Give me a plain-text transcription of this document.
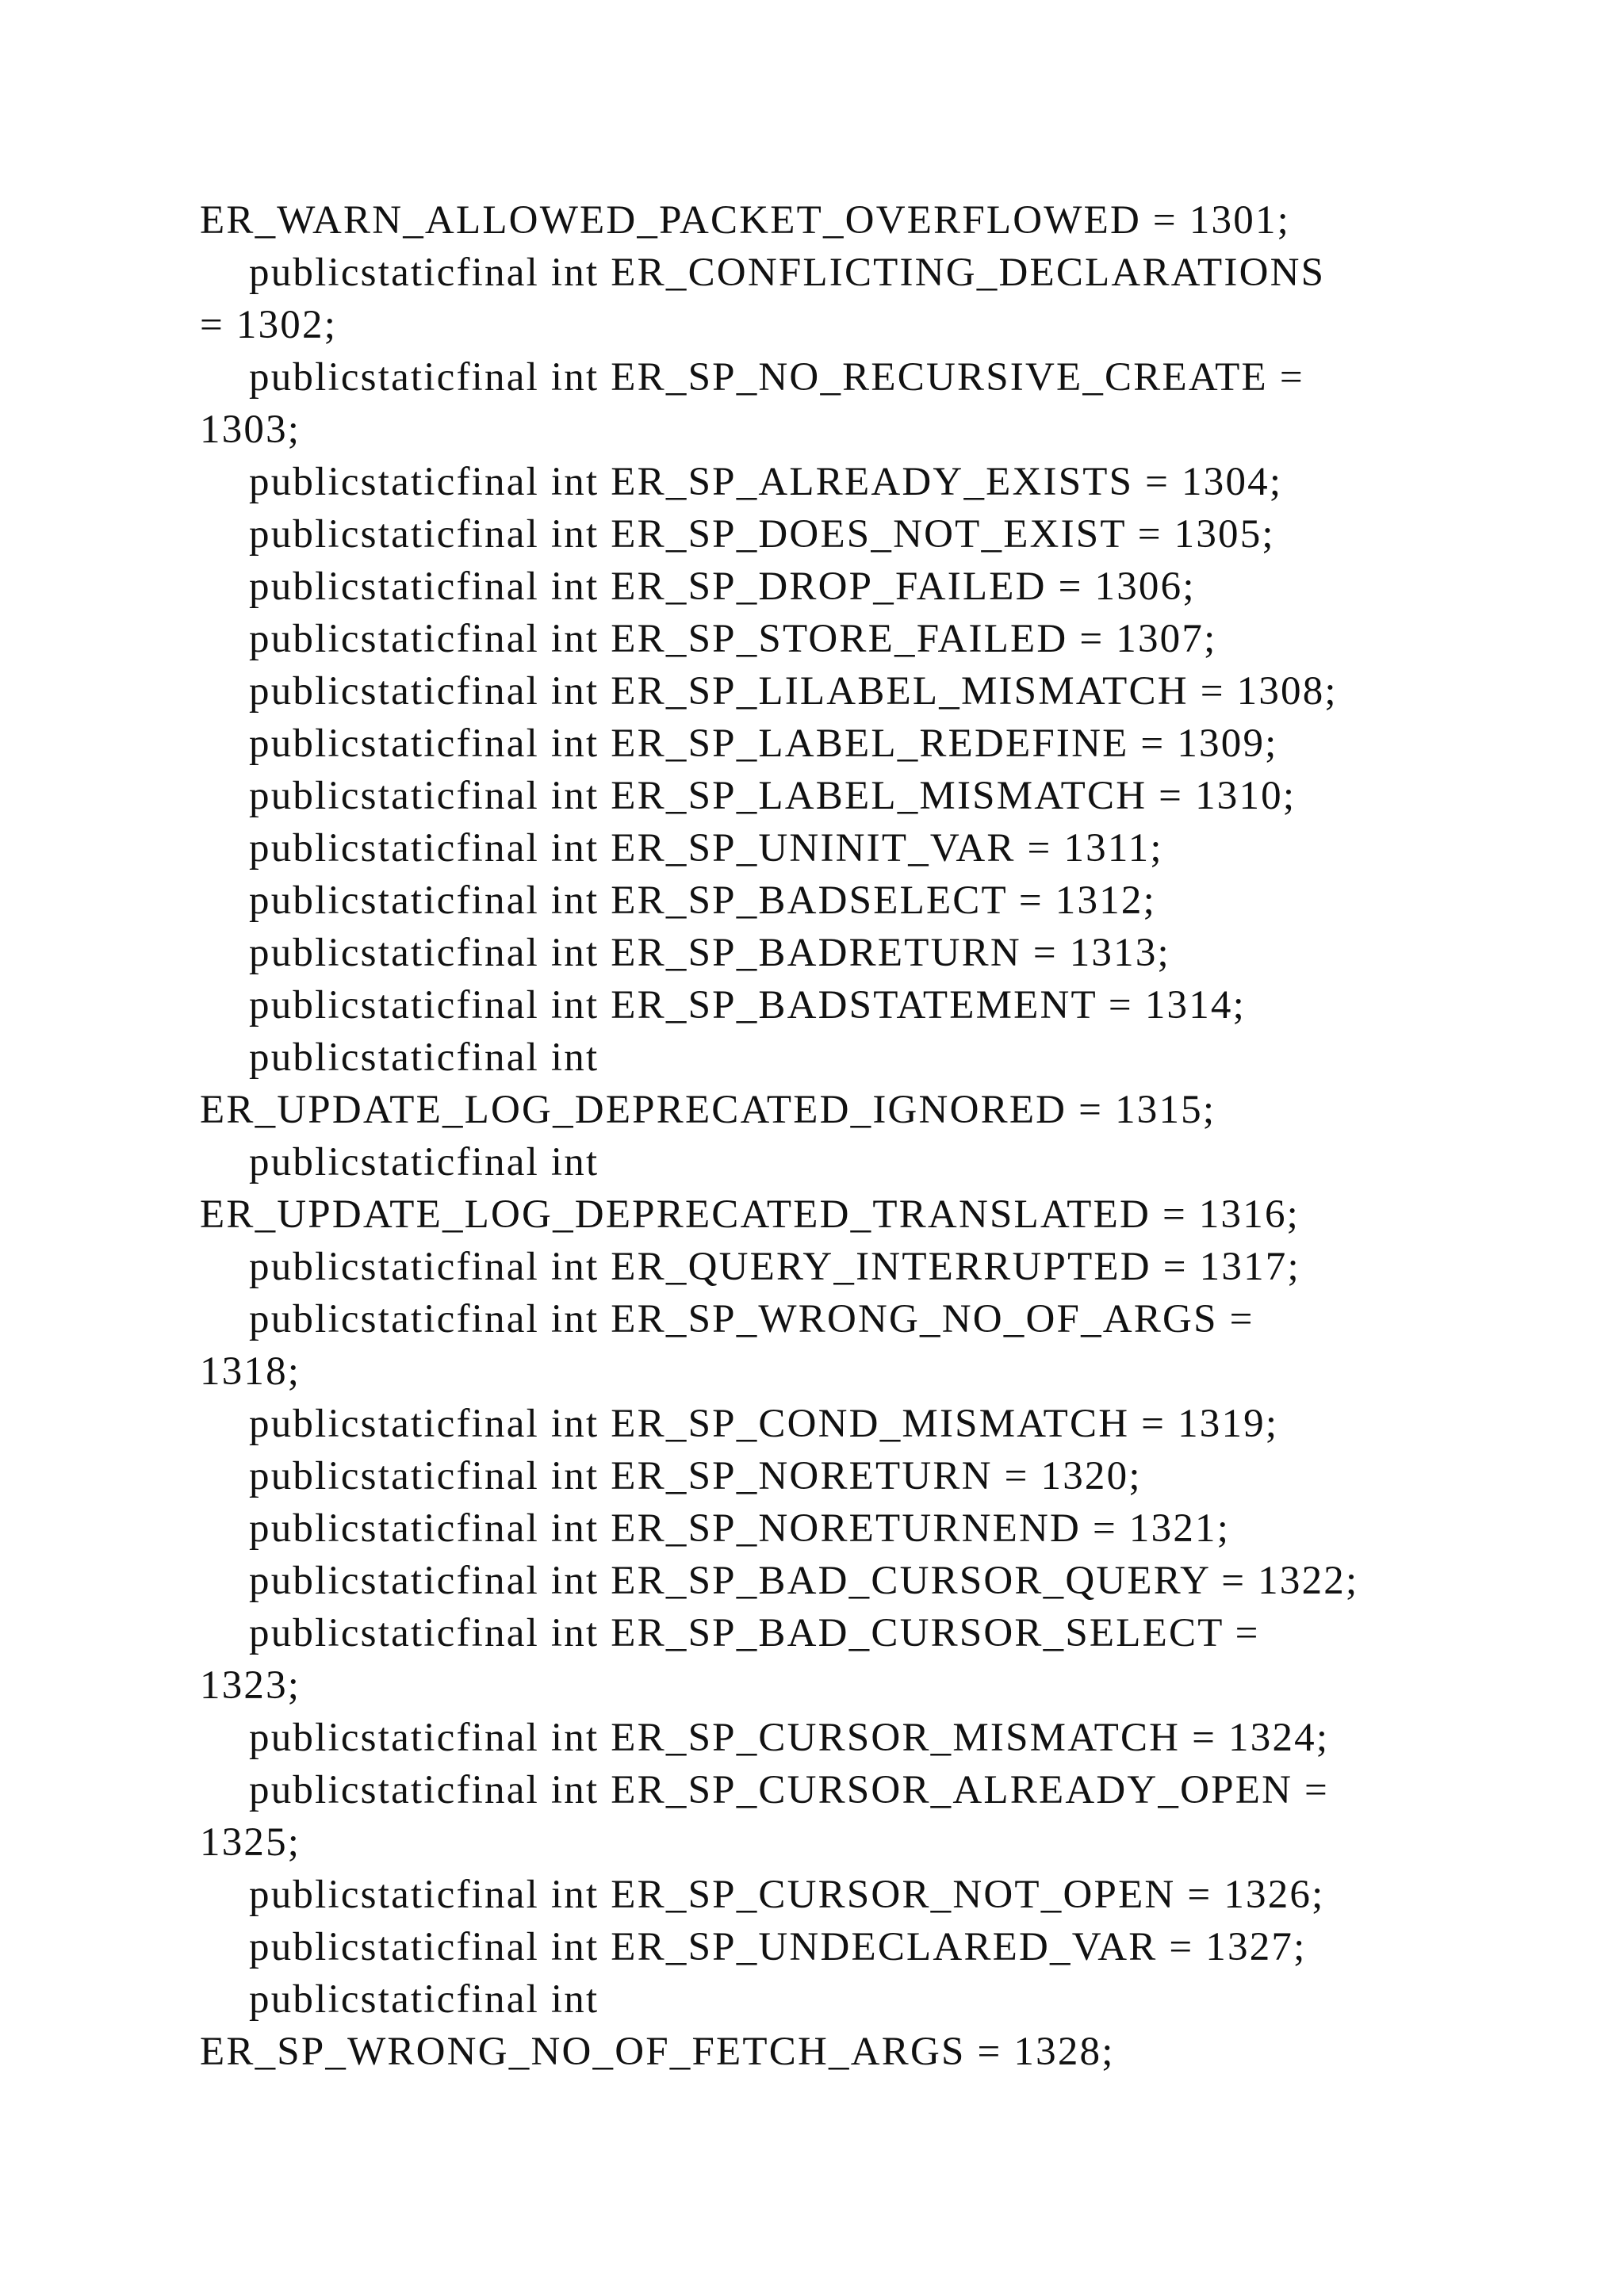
ER_WARN_ALLOWED_PACKET_OVERFLOWED = 1301;
publicstaticfinal int ER_CONFLICTING_DECLARATIONS
= 1302;
publicstaticfinal int ER_SP_NO_RECURSIVE_CREATE =
1303;
publicstaticfinal int ER_SP_ALREADY_EXISTS = 1304;
publicstaticfinal int ER_SP_DOES_NOT_EXIST = 1305;
publicstaticfinal int ER_SP_DROP_FAILED = 1306;
publicstaticfinal int ER_SP_STORE_FAILED = 1307;
publicstaticfinal int ER_SP_LILABEL_MISMATCH = 1308;
publicstaticfinal int ER_SP_LABEL_REDEFINE = 1309;
publicstaticfinal int ER_SP_LABEL_MISMATCH = 1310;
publicstaticfinal int ER_SP_UNINIT_VAR = 1311;
publicstaticfinal int ER_SP_BADSELECT = 1312;
publicstaticfinal int ER_SP_BADRETURN = 1313;
publicstaticfinal int ER_SP_BADSTATEMENT = 1314;
publicstaticfinal int
ER_UPDATE_LOG_DEPRECATED_IGNORED = 1315;
publicstaticfinal int
ER_UPDATE_LOG_DEPRECATED_TRANSLATED = 1316;
publicstaticfinal int ER_QUERY_INTERRUPTED = 1317;
publicstaticfinal int ER_SP_WRONG_NO_OF_ARGS =
1318;
publicstaticfinal int ER_SP_COND_MISMATCH = 1319;
publicstaticfinal int ER_SP_NORETURN = 1320;
publicstaticfinal int ER_SP_NORETURNEND = 1321;
publicstaticfinal int ER_SP_BAD_CURSOR_QUERY = 1322;
publicstaticfinal int ER_SP_BAD_CURSOR_SELECT =
1323;
publicstaticfinal int ER_SP_CURSOR_MISMATCH = 1324;
publicstaticfinal int ER_SP_CURSOR_ALREADY_OPEN =
1325;
publicstaticfinal int ER_SP_CURSOR_NOT_OPEN = 1326;
publicstaticfinal int ER_SP_UNDECLARED_VAR = 1327;
publicstaticfinal int
ER_SP_WRONG_NO_OF_FETCH_ARGS = 1328;
